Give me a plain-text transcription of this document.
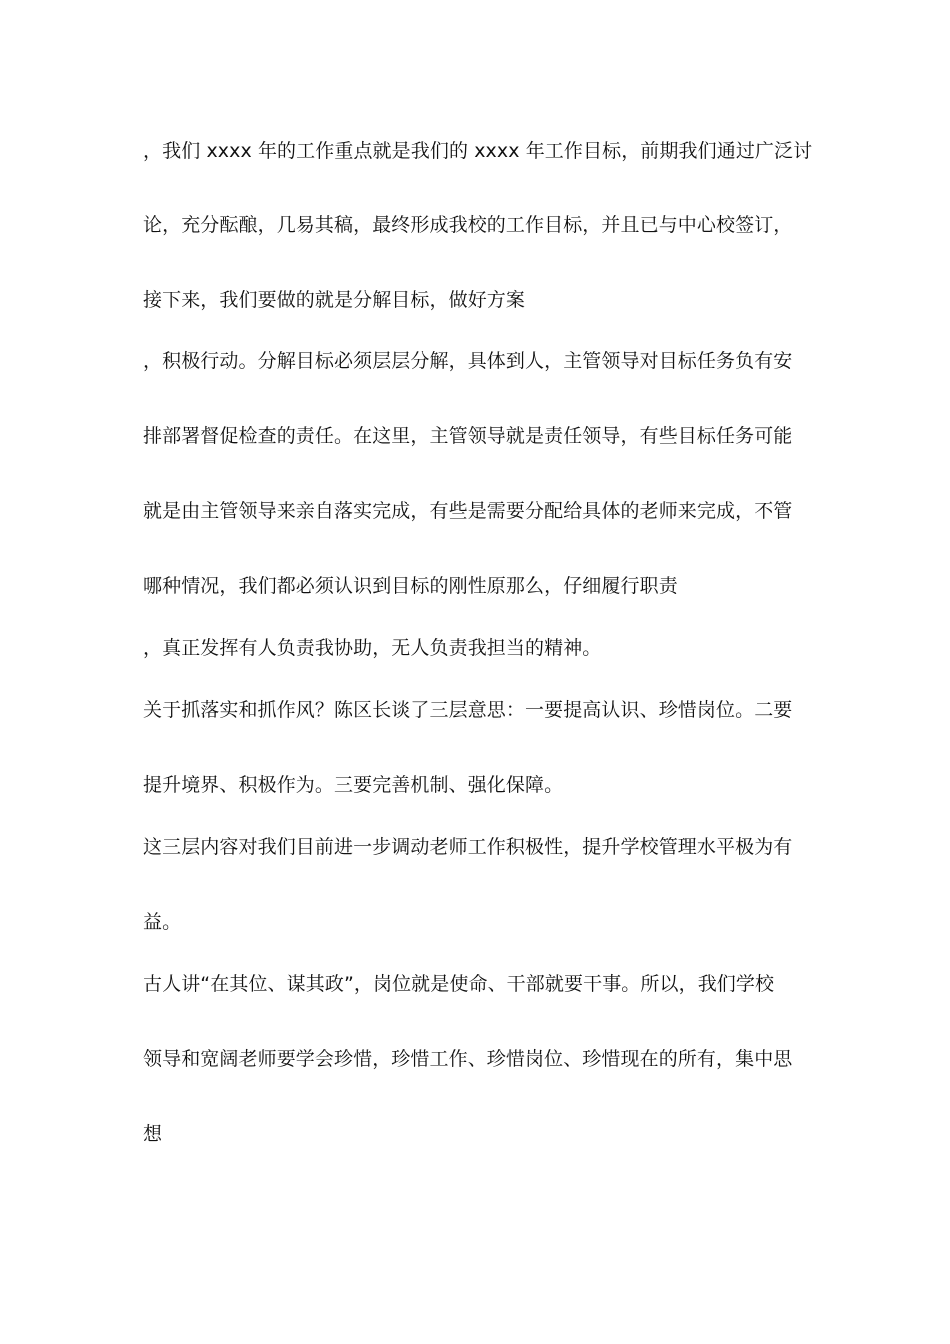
，我们 xxxx 年的工作重点就是我们的 xxxx 年工作目标，前期我们通过广泛讨
论，充分酝酿，几易其稿，最终形成我校的工作目标，并且已与中心校签订，
接下来，我们要做的就是分解目标，做好方案
，积极行动。分解目标必须层层分解，具体到人，主管领导对目标任务负有安
排部署督促检查的责任。在这里，主管领导就是责任领导，有些目标任务可能
就是由主管领导来亲自落实完成，有些是需要分配给具体的老师来完成，不管
哪种情况，我们都必须认识到目标的刚性原那么，仔细履行职责
，真正发挥有人负责我协助，无人负责我担当的精神。
关于抓落实和抓作风？陈区长谈了三层意思：一要提高认识、珍惜岗位。二要
提升境界、积极作为。三要完善机制、强化保障。
这三层内容对我们目前进一步调动老师工作积极性，提升学校管理水平极为有
益。
古人讲“在其位、谋其政”，岗位就是使命、干部就要干事。所以，我们学校
领导和宽阔老师要学会珍惜，珍惜工作、珍惜岗位、珍惜现在的所有，集中思
想
